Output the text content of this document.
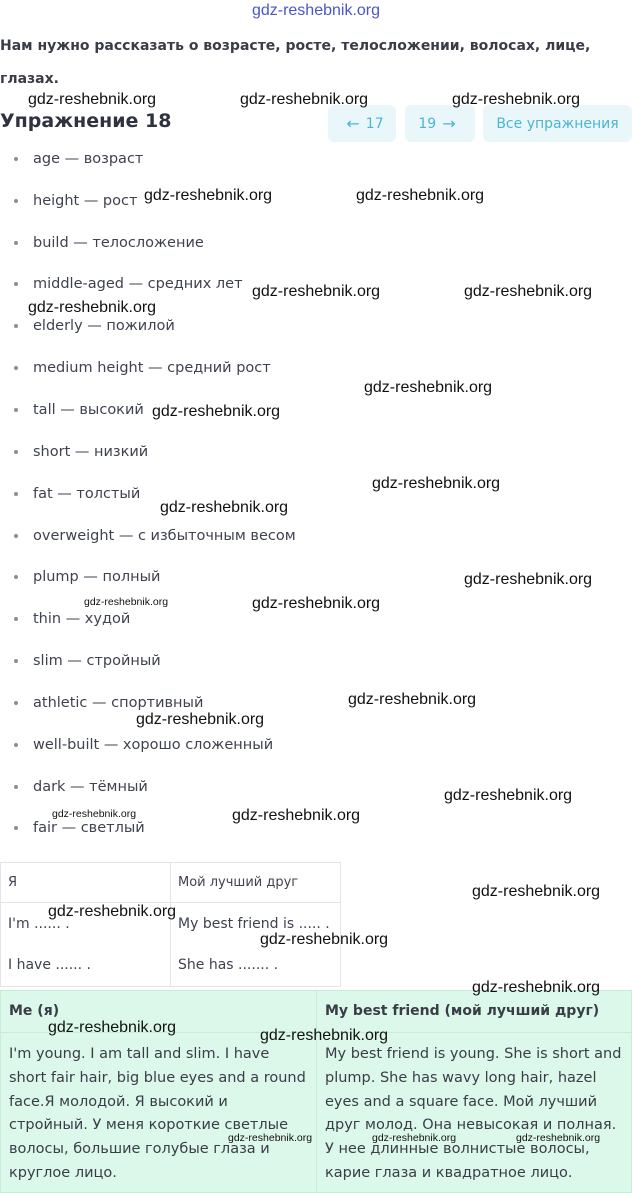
gdz-reshebnik.org
Нам нужно рассказать о возрасте, росте, телосложении, волосах, лице, глазах.
Упражнение 18	← 17 19 →	Все упражнения
age — возраст
height — рост
build — телосложение
middle-aged — средних лет
elderly — пожилой
medium height — средний рост
tall — высокий
short — низкий
fat — толстый
overweight — с избыточным весом
plump — полный
thin — худой
slim — стройный
athletic — спортивный
well-built — хорошо сложенный
dark — тёмный
fair — светлый
Я	Мой лучший друг
I'm ...... .	My best friend is ..... .
I have ...... .	She has ....... .
Me (я)	My best friend (мой лучший друг)
I'm young. I am tall and slim. I have short fair hair, big blue eyes and a round face.Я молодой. Я высокий и стройный. У меня короткие светлые волосы, большие голубые глаза и круглое лицо.	My best friend is young. She is short and plump. She has wavy long hair, hazel eyes and a square face. Мой лучший друг молод. Она невысокая и полная. У нее длинные волнистые волосы, карие глаза и квадратное лицо.
gdz-reshebnik.org	gdz-reshebnik.org	gdz-reshebnik.org
gdz-reshebnik.org	gdz-reshebnik.org
gdz-reshebnik.org	gdz-reshebnik.org
gdz-reshebnik.org
gdz-reshebnik.org
gdz-reshebnik.org
gdz-reshebnik.org
gdz-reshebnik.org
gdz-reshebnik.org
gdz-reshebnik.org	gdz-reshebnik.org
gdz-reshebnik.org
gdz-reshebnik.org
gdz-reshebnik.org
gdz-reshebnik.org	gdz-reshebnik.org
gdz-reshebnik.org
gdz-reshebnik.org
gdz-reshebnik.org
gdz-reshebnik.org
gdz-reshebnik.org	gdz-reshebnik.org
gdz-reshebnik.org	gdz-reshebnik.org	gdz-reshebnik.org
